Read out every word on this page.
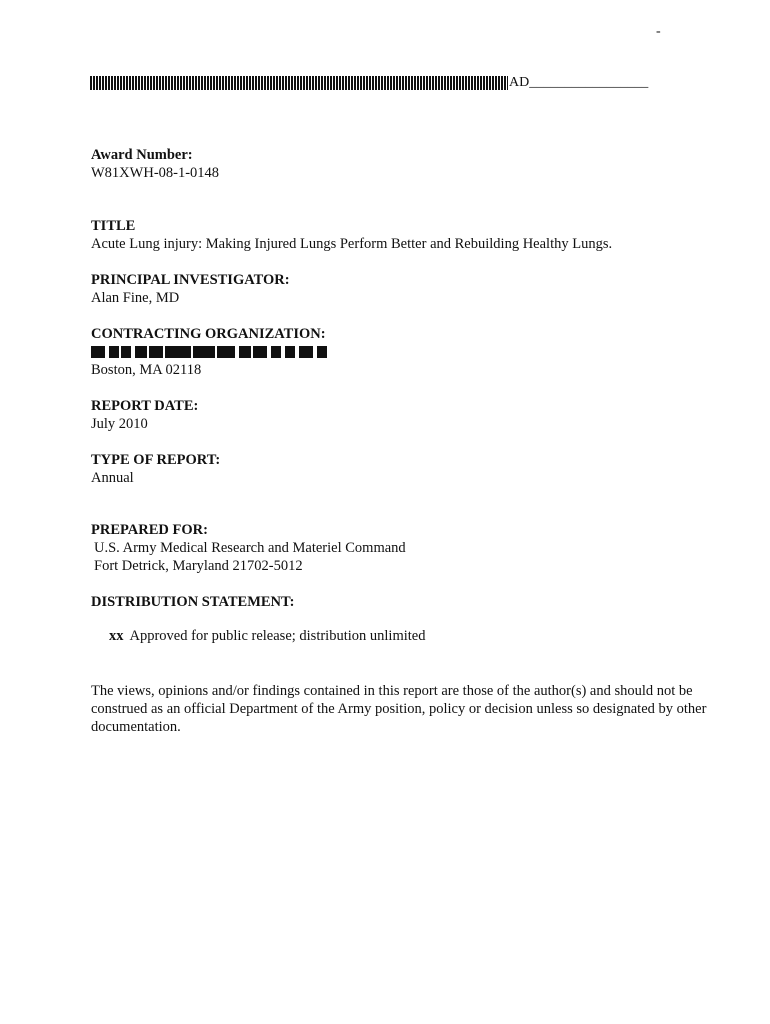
-
AD_________________
Award Number:
W81XWH-08-1-0148
TITLE
Acute Lung injury: Making Injured Lungs Perform Better and Rebuilding Healthy Lungs.
PRINCIPAL INVESTIGATOR:
Alan Fine, MD
CONTRACTING ORGANIZATION:
Boston, MA 02118
REPORT DATE:
July 2010
TYPE OF REPORT:
Annual
PREPARED FOR:
U.S. Army Medical Research and Materiel Command
Fort Detrick, Maryland 21702-5012
DISTRIBUTION STATEMENT:
xx Approved for public release; distribution unlimited
The views, opinions and/or findings contained in this report are those of the author(s) and should not be construed as an official Department of the Army position, policy or decision unless so designated by other documentation.
